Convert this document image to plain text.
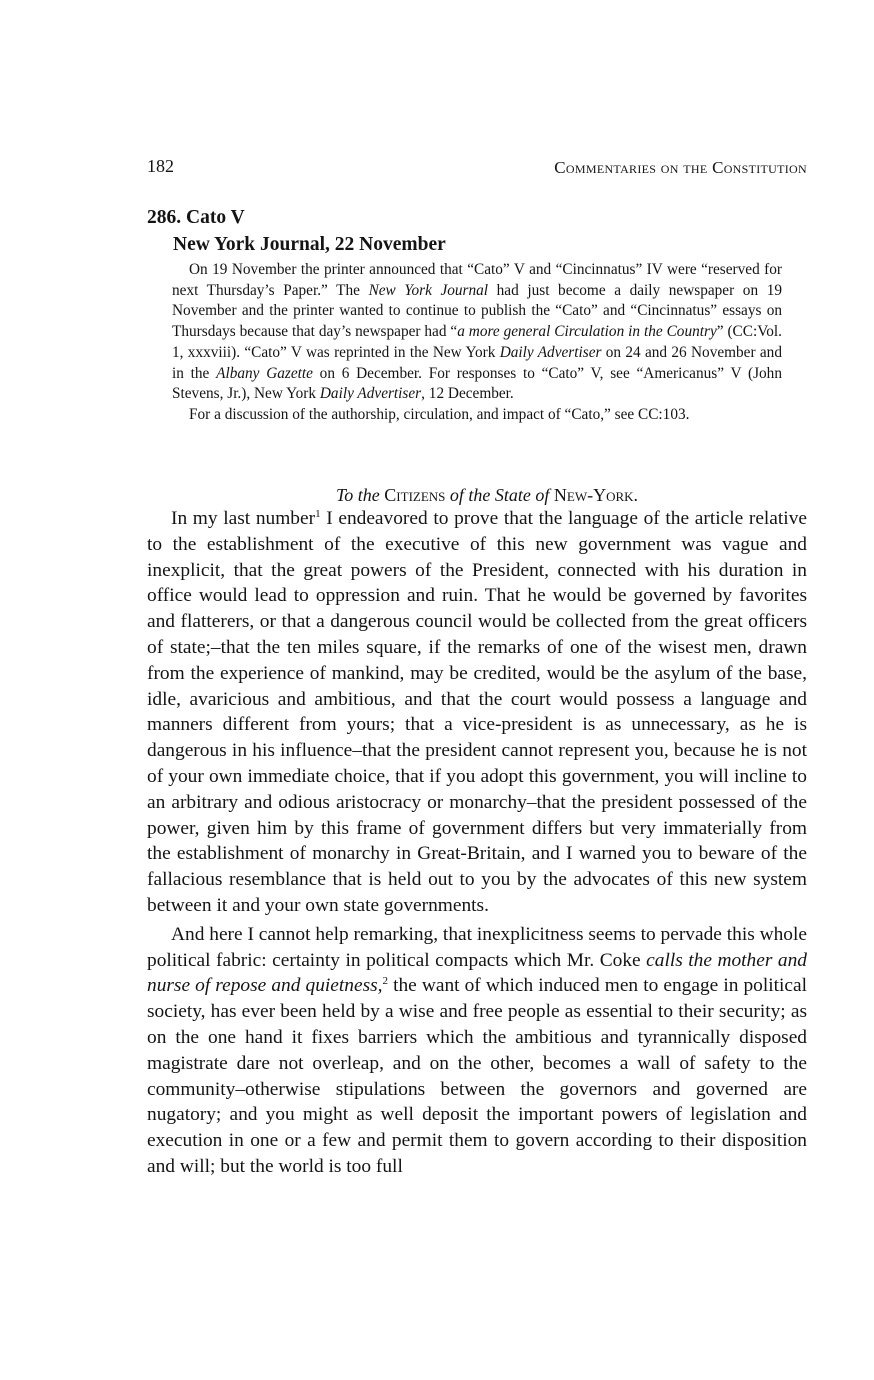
182	Commentaries on the Constitution
286. Cato V
New York Journal, 22 November

On 19 November the printer announced that “Cato” V and “Cincinnatus” IV were “reserved for next Thursday’s Paper.” The New York Journal had just become a daily newspaper on 19 November and the printer wanted to continue to publish the “Cato” and “Cincinnatus” essays on Thursdays because that day’s newspaper had “a more general Circulation in the Country” (CC:Vol. 1, xxxviii). “Cato” V was reprinted in the New York Daily Advertiser on 24 and 26 November and in the Albany Gazette on 6 December. For responses to “Cato” V, see “Americanus” V (John Stevens, Jr.), New York Daily Advertiser, 12 December.

For a discussion of the authorship, circulation, and impact of “Cato,” see CC:103.

To the Citizens of the State of New-York.

In my last number$^1$ I endeavored to prove that the language of the article relative to the establishment of the executive of this new government was vague and inexplicit, that the great powers of the President, connected with his duration in office would lead to oppression and ruin. That he would be governed by favorites and flatterers, or that a dangerous council would be collected from the great officers of state;–that the ten miles square, if the remarks of one of the wisest men, drawn from the experience of mankind, may be credited, would be the asylum of the base, idle, avaricious and ambitious, and that the court would possess a language and manners different from yours; that a vice-president is as unnecessary, as he is dangerous in his influence–that the president cannot represent you, because he is not of your own immediate choice, that if you adopt this government, you will incline to an arbitrary and odious aristocracy or monarchy–that the president possessed of the power, given him by this frame of government differs but very immaterially from the establishment of monarchy in Great-Britain, and I warned you to beware of the fallacious resemblance that is held out to you by the advocates of this new system between it and your own state governments.

And here I cannot help remarking, that inexplicitness seems to pervade this whole political fabric: certainty in political compacts which Mr. Coke calls the mother and nurse of repose and quietness,$^2$ the want of which induced men to engage in political society, has ever been held by a wise and free people as essential to their security; as on the one hand it fixes barriers which the ambitious and tyrannically disposed magistrate dare not overleap, and on the other, becomes a wall of safety to the community–otherwise stipulations between the governors and governed are nugatory; and you might as well deposit the important powers of legislation and execution in one or a few and permit them to govern according to their disposition and will; but the world is too full
